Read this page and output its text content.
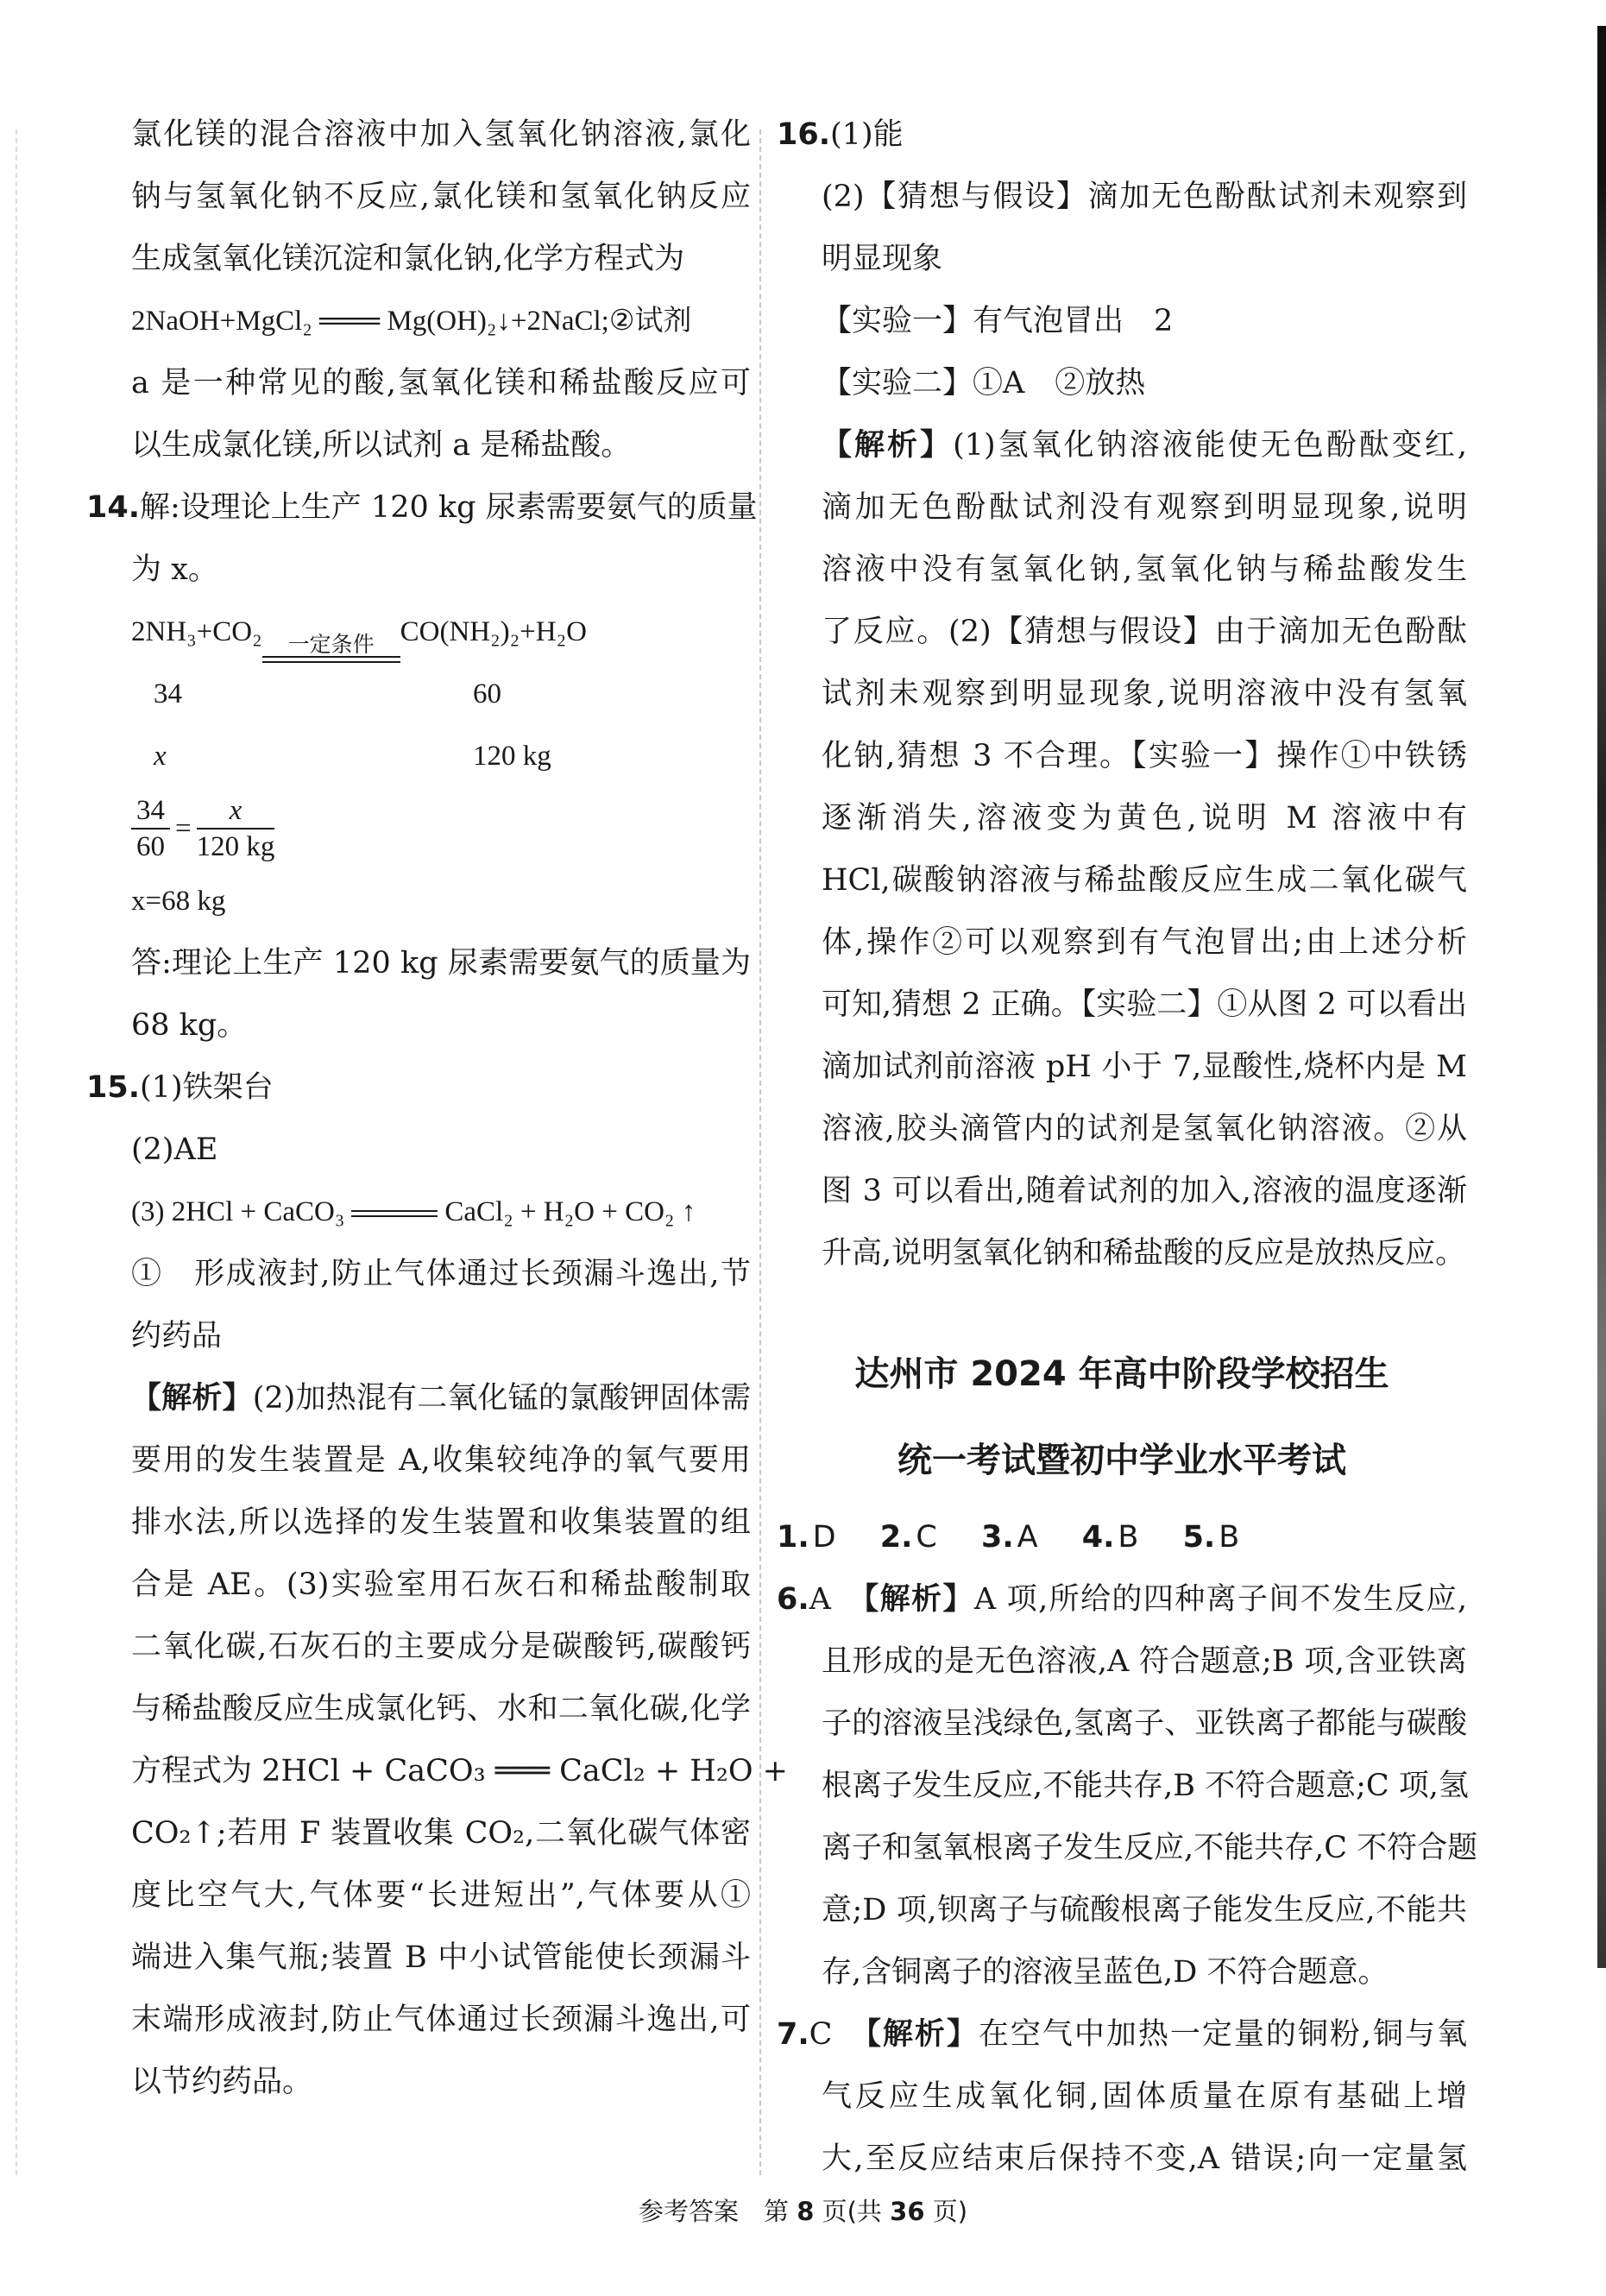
氯化镁的混合溶液中加入氢氧化钠溶液,氯化
钠与氢氧化钠不反应,氯化镁和氢氧化钠反应
生成氢氧化镁沉淀和氯化钠,化学方程式为
2NaOH+MgCl₂ ═══ Mg(OH)₂↓+2NaCl;②试剂
a 是一种常见的酸,氢氧化镁和稀盐酸反应可
以生成氯化镁,所以试剂 a 是稀盐酸。
14.解:设理论上生产 120 kg 尿素需要氨气的质量
为 x。
2NH₃+CO₂ 一定条件 CO(NH₂)₂+H₂O
34	60
x	120 kg
$\frac{34}{60} = \frac{x}{120 kg}$
x=68 kg
答:理论上生产 120 kg 尿素需要氨气的质量为
68 kg。
15.(1)铁架台
(2)AE
(3) 2HCl + CaCO₃	CaCl₂ + H₂O + CO₂ ↑
①　形成液封,防止气体通过长颈漏斗逸出,节
约药品
【解析】(2)加热混有二氧化锰的氯酸钾固体需
要用的发生装置是 A,收集较纯净的氧气要用
排水法,所以选择的发生装置和收集装置的组
合是 AE。(3)实验室用石灰石和稀盐酸制取
二氧化碳,石灰石的主要成分是碳酸钙,碳酸钙
与稀盐酸反应生成氯化钙、水和二氧化碳,化学
方程式为 2HCl + CaCO₃ ═══ CaCl₂ + H₂O +
CO₂↑;若用 F 装置收集 CO₂,二氧化碳气体密
度比空气大,气体要“长进短出”,气体要从①
端进入集气瓶;装置 B 中小试管能使长颈漏斗
末端形成液封,防止气体通过长颈漏斗逸出,可
以节约药品。
16.(1)能
(2)【猜想与假设】滴加无色酚酞试剂未观察到
明显现象
【实验一】有气泡冒出　2
【实验二】①A　②放热
【解析】(1)氢氧化钠溶液能使无色酚酞变红,
滴加无色酚酞试剂没有观察到明显现象,说明
溶液中没有氢氧化钠,氢氧化钠与稀盐酸发生
了反应。(2)【猜想与假设】由于滴加无色酚酞
试剂未观察到明显现象,说明溶液中没有氢氧
化钠,猜想 3 不合理。【实验一】操作①中铁锈
逐渐消失,溶液变为黄色,说明 M 溶液中有
HCl,碳酸钠溶液与稀盐酸反应生成二氧化碳气
体,操作②可以观察到有气泡冒出;由上述分析
可知,猜想 2 正确。【实验二】①从图 2 可以看出
滴加试剂前溶液 pH 小于 7,显酸性,烧杯内是 M
溶液,胶头滴管内的试剂是氢氧化钠溶液。②从
图 3 可以看出,随着试剂的加入,溶液的温度逐渐
升高,说明氢氧化钠和稀盐酸的反应是放热反应。
达州市 2024 年高中阶段学校招生
统一考试暨初中学业水平考试
1. D 2. C 3. A 4. B 5. B
6.A　 【解析】A 项,所给的四种离子间不发生反应,
且形成的是无色溶液,A 符合题意;B 项,含亚铁离
子的溶液呈浅绿色,氢离子、亚铁离子都能与碳酸
根离子发生反应,不能共存,B 不符合题意;C 项,氢
离子和氢氧根离子发生反应,不能共存,C 不符合题
意;D 项,钡离子与硫酸根离子能发生反应,不能共
存,含铜离子的溶液呈蓝色,D 不符合题意。
7.C　 【解析】在空气中加热一定量的铜粉,铜与氧
气反应生成氧化铜,固体质量在原有基础上增
大,至反应结束后保持不变,A 错误;向一定量氢
参考答案　第 8 页(共 36 页)
